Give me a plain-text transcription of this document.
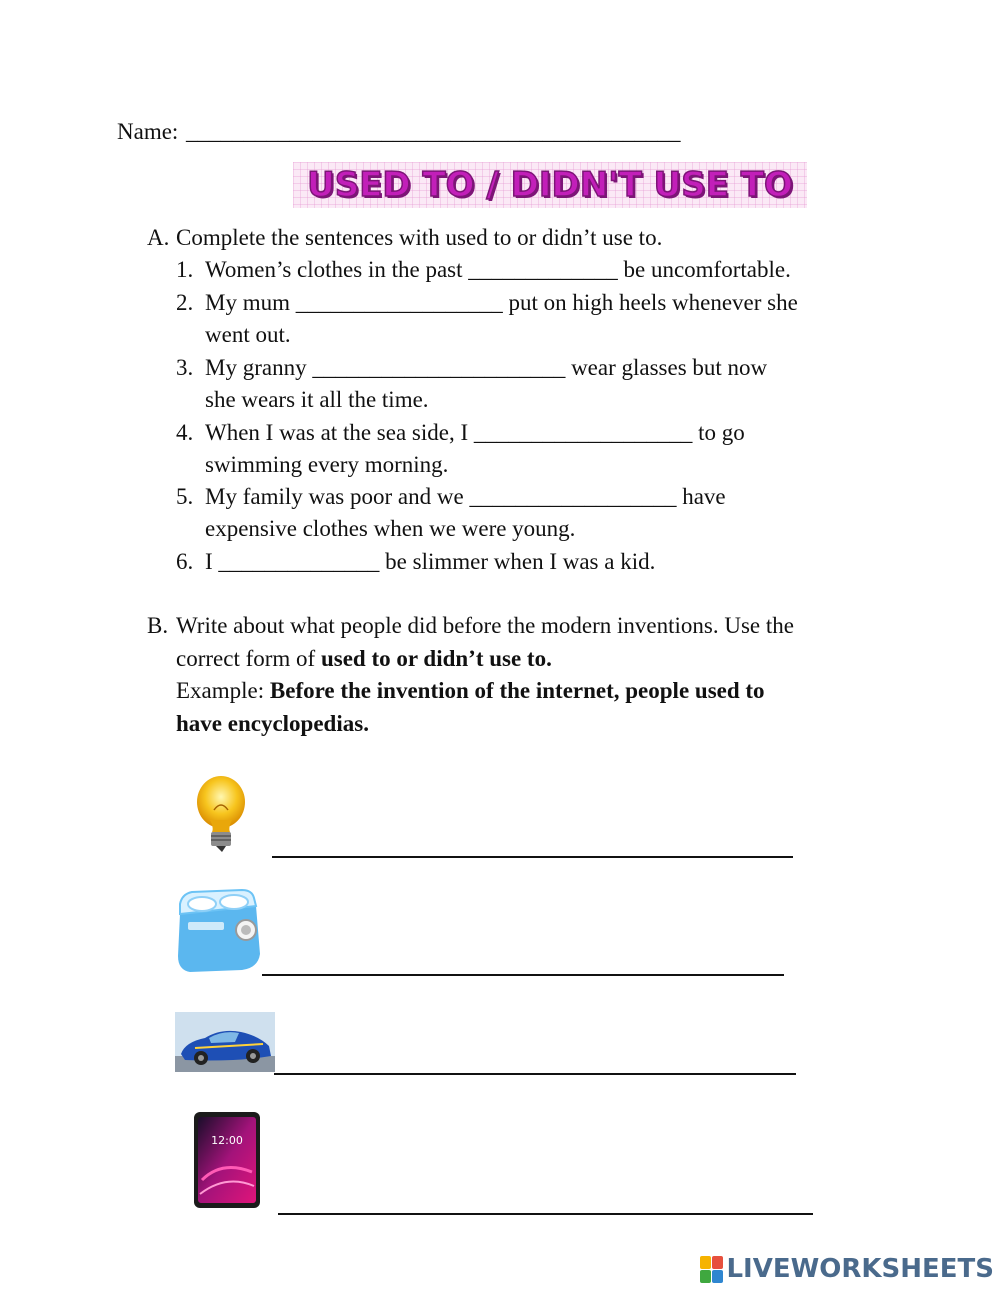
Name: ___________________________________________
USED TO / DIDN'T USE TO
A. Complete the sentences with used to or didn’t use to.
1. Women’s clothes in the past _____________ be uncomfortable.
2. My mum __________________ put on high heels whenever she
went out.
3. My granny ______________________ wear glasses but now
she wears it all the time.
4. When I was at the sea side, I ___________________ to go
swimming every morning.
5. My family was poor and we __________________ have
expensive clothes when we were young.
6. I ______________ be slimmer when I was a kid.
B. Write about what people did before the modern inventions. Use the
correct form of used to or didn’t use to.
Example: Before the invention of the internet, people used to
have encyclopedias.
12:00
LIVEWORKSHEETS
